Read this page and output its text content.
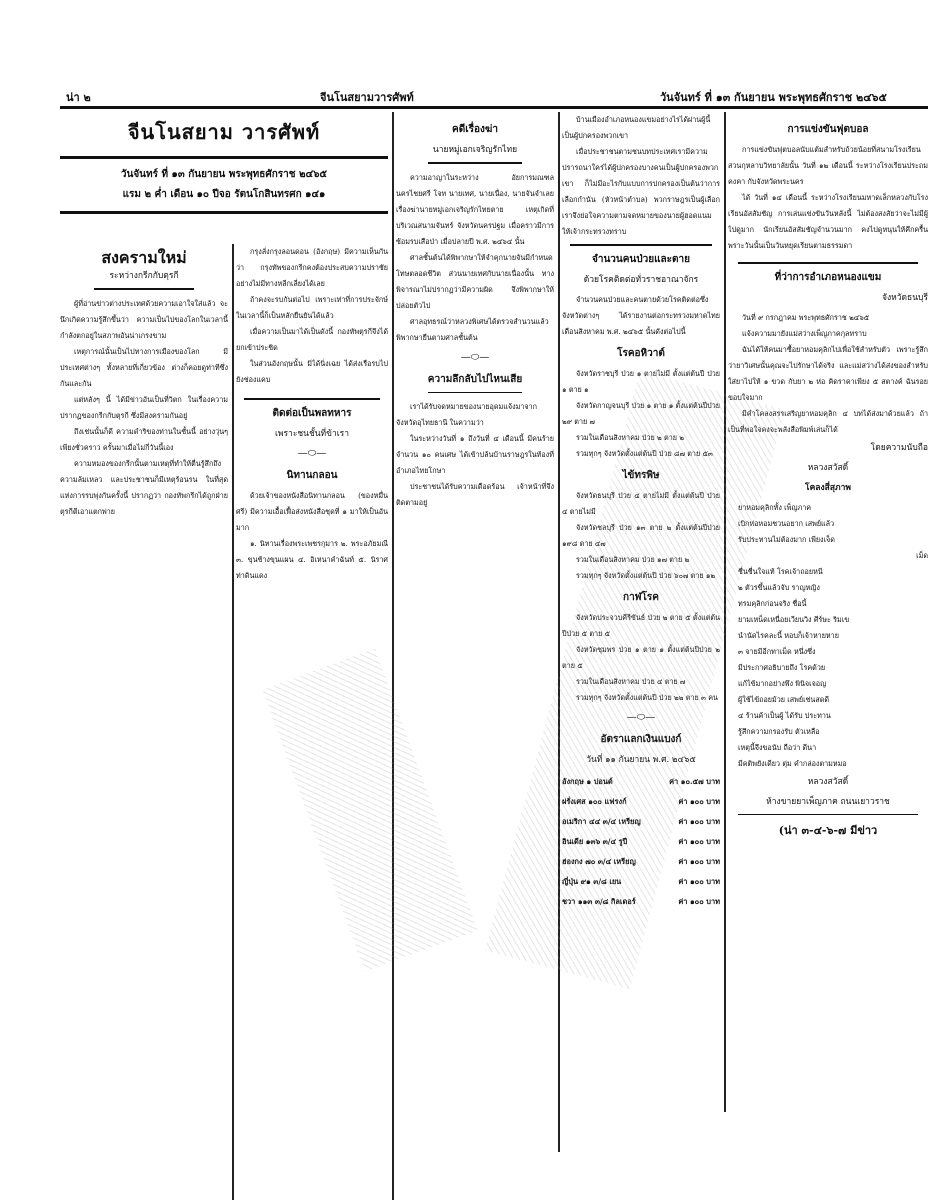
น่า ๒	จีนโนสยามวารศัพท์	วันจันทร์ ที่ ๑๓ กันยายน พระพุทธศักราช ๒๔๖๕
จีนโนสยาม วารศัพท์
วันจันทร์ ที่ ๑๓ กันยายน พระพุทธศักราช ๒๔๖๕
แรม ๒ ค่ำ เดือน ๑๐ ปีจอ รัตนโกสินทรศก ๑๔๑
สงครามใหม่
ระหว่างกรีกกับตุรกี

ผู้ที่อ่านข่าวต่างประเทศด้วยความเอาใจใส่แล้ว จะนึกเกิดความรู้สึกขึ้นว่า ความเป็นไปของโลกในเวลานี้ กำลังตกอยู่ในสภาพอันน่าเกรงขาม

เหตุการณ์นั้นเป็นไปทางการเมืองของโลก มีประเทศต่างๆ ทั้งหลายที่เกี่ยวข้อง ต่างก็คอยดูท่าทีซึ่งกันและกัน

แต่หลังๆ นี้ ได้มีข่าวอันเป็นที่วิตก ในเรื่องความปรากฏของกรีกกับตุรกี ซึ่งมีสงครามกันอยู่

ถึงเช่นนั้นก็ดี ความดำริของท่านในชั้นนี้ อย่างวุ่นๆ เพียงชั่วคราว ครั้นมาเมื่อไม่กี่วันนี้เอง

ความหมองของกรีกนั้นตามเหตุที่ทำให้ตื่นรู้สึกถึงความล้มเหลว และประชาชนก็มีเหตุร้อนรน ในที่สุดแห่งการรบพุ่งกันครั้งนี้ ปรากฏว่า กองทัพกรีกได้ถูกฝ่ายตุรกีตีเอาแตกพ่าย

กรุงลั่งกรุงลอนดอน (อังกฤษ) มีความเห็นกันว่า กรุงทัพของกรีกคงต้องประสบความปราชัยอย่างไม่มีทางหลีกเลี่ยงได้เลย

ถ้าคงจะรบกันต่อไป เพราะเท่าที่การประจักษ์ในเวลานี้ก็เป็นหลักยืนยันได้แล้ว

เมื่อความเป็นมาได้เป็นดังนี้ กองทัพตุรกีจึงได้ยกเข้าประชิด

ในส่วนอังกฤษนั้น มิได้นิ่งเฉย ได้ส่งเรือรบไปยังช่องแคบ

ติดต่อเป็นพลทหาร
เพราะชนชั้นที่ข้าเรา
—⬭—
นิทานกลอน

ด้วยเจ้าของหนังสือนิทานกลอน (ของหมื่นศรี) มีความเอื้อเฟื้อส่งหนังสือชุดที่ ๑ มาให้เป็นอันมาก

๑. นิทานเรื่องพระเพชรกุมาร ๒. พระอภัยมณี ๓. ขุนช้างขุนแผน ๔. อิเหนาคำฉันท์ ๕. นิราศท่าดินแดง

คดีเรื่องฆ่า
นายหมู่เอกเจริญรักไทย

ความอาญาในระหว่าง อัยการมณฑลนครไชยศรี โจท นายเทศ, นายเนื่อง, นายจันจำเลย เรื่องฆ่านายหมู่เอกเจริญรักไทยตาย เหตุเกิดที่บริเวณสนามจันทร์ จังหวัดนครปฐม เมื่อคราวมีการซ้อมรบเสือป่า เมื่อปลายปี พ.ศ. ๒๔๖๔ นั้น

ศาลชั้นต้นได้พิพากษาให้จำคุกนายจันมีกำหนดโทษตลอดชีวิต ส่วนนายเทศกับนายเนื่องนั้น ทางพิจารณาไม่ปรากฏว่ามีความผิด จึงพิพากษาให้ปล่อยตัวไป

ศาลอุทธรณ์ว่าหลวงพิเศษได้ตรวจสำนวนแล้วพิพากษายืนตามศาลชั้นต้น

—⬭—
ความลึกลับไปไหนเสีย

เราได้รับจดหมายของนายอุดมแจ้งมาจากจังหวัดอุไทยธานี ในความว่า

ในระหว่างวันที่ ๑ ถึงวันที่ ๔ เดือนนี้ มีคนร้ายจำนวน ๑๐ คนเศษ ได้เข้าปล้นบ้านราษฎรในท้องที่อำเภอไทยโกษา

ประชาชนได้รับความเดือดร้อน เจ้าหน้าที่จึงติดตามอยู่

บ้านเมืองอำเภอหนองแขมอย่างไรได้ผ่านผู้นี้ เป็นผู้ปกครองพวกเขา

เมื่อประชาชนตามชนบทประเทศเรามีความปรารถนาใคร่ได้ผู้ปกครองบางคนเป็นผู้ปกครองพวกเขา ก็ไม่มีอะไรกับแบบการปกครองเป็นต้นว่าการเลือกกำนัน (หัวหน้าตำบล) พวกราษฎรเป็นผู้เลือก เราจึงย่อใจความตามจดหมายของนายผู้ฮอดแนม ให้เจ้ากระทรวงทราบ

จำนวนคนป่วยและตาย
ด้วยโรคติดต่อทั่วราชอาณาจักร

จำนวนคนป่วยและคนตายด้วยโรคติดต่อซึ่งจังหวัดต่างๆ ได้รายงานต่อกระทรวงมหาดไทย เดือนสิงหาคม พ.ศ. ๒๔๖๕ นั้นดังต่อไปนี้

โรคอหิวาต์

จังหวัดราชบุรี ป่วย ๑ ตายไม่มี ตั้งแต่ต้นปี ป่วย ๑ ตาย ๑

จังหวัดกาญจนบุรี ป่วย ๑ ตาย ๑ ตั้งแต่ต้นปีป่วย ๒๙ ตาย ๗

รวมในเดือนสิงหาคม ป่วย ๒ ตาย ๒

รวมทุกๆ จังหวัดตั้งแต่ต้นปี ป่วย ๘๗ ตาย ๕๓

ไข้ทรพิษ

จังหวัดธนบุรี ป่วย ๔ ตายไม่มี ตั้งแต่ต้นปี ป่วย ๔ ตายไม่มี

จังหวัดชลบุรี ป่วย ๑๓ ตาย ๒ ตั้งแต่ต้นปีป่วย ๑๙๘ ตาย ๔๗

รวมในเดือนสิงหาคม ป่วย ๑๗ ตาย ๒

รวมทุกๆ จังหวัดตั้งแต่ต้นปี ป่วย ๖๐๗ ตาย ๑๒

กาฬโรค

จังหวัดประจวบคีรีขันธ์ ป่วย ๒ ตาย ๕ ตั้งแต่ต้นปีป่วย ๕ ตาย ๕

จังหวัดชุมพร ป่วย ๑ ตาย ๑ ตั้งแต่ต้นปีป่วย ๒ ตาย ๕

รวมในเดือนสิงหาคม ป่วย ๔ ตาย ๗

รวมทุกๆ จังหวัดตั้งแต่ต้นปี ป่วย ๒๒ ตาย ๓ คน

—⬭—
อัตราแลกเงินแบงก์
วันที่ ๑๑ กันยายน พ.ศ. ๒๔๖๕
อังกฤษ ๑ ปอนด์	ค่า ๑๐.๕๗ บาท
ฝรั่งเศส ๑๐๐ แฟรงก์	ค่า ๑๐๐ บาท
อเมริกา ๔๔ ๓/๔ เหรียญ	ค่า ๑๐๐ บาท
อินเดีย ๑๓๖ ๓/๔ รูปี	ค่า ๑๐๐ บาท
ฮ่องกง ๗๐ ๓/๔ เหรียญ	ค่า ๑๐๐ บาท
ญี่ปุ่น ๙๑ ๓/๘ เยน	ค่า ๑๐๐ บาท
ชวา ๑๑๓ ๓/๘ กิลเดอร์	ค่า ๑๐๐ บาท
การแข่งขันฟุตบอล

การแข่งขันฟุตบอลนับแต้มสำหรับถ้วยน้อยที่สนามโรงเรียนสวนกุหลาบวิทยาลัยนั้น วันที่ ๑๒ เดือนนี้ ระหว่างโรงเรียนประถมคงคา กับจังหวัดพระนคร

ได้ วันที่ ๑๔ เดือนนี้ ระหว่างโรงเรียนมหาดเล็กหลวงกับโรงเรียนอัสสัมชัญ การเล่นแข่งขันวันหลังนี้ ไม่ต้องสงสัยว่าจะไม่มีผู้ไปดูมาก นักเรียนอัสสัมชัญจำนวนมาก คงไปดูหนุนให้คึกครื้น พราะวันนั้นเป็นวันหยุดเรียนตามธรรมดา

ที่ว่าการอำเภอหนองแขม
จังหวัดธนบุรี

วันที่ ๙ กรกฎาคม พระพุทธศักราช ๒๔๖๕

แจ้งความมายังแม่สว่างเพ็ญภาคกุลทราบ

ฉันได้ให้คนมาซื้อยาหอมคุลิกไปเพื่อใช้สำหรับตัว เพราะรู้สึกว่ายาวิเศษนั้นคุณจะไปรักษาได้จริง และแม่สว่างได้ส่งของสำหรับใส่ยาไปให้ ๑ ขวด กับยา ๒ ห่อ คิดราคาเพียง ๕ สตางค์ ฉันรอยขอบใจมาก

มีคำโคลงสรรเสริญยาหอมคุลิก ๔ บทได้ส่งมาด้วยแล้ว ถ้าเป็นที่พอใจคงจะพลังสือพิมพ์เล่นก็ได้

โดยความนับถือ
หลวงสวัสดิ์
โคลงสี่สุภาพ
ยาหอมคุลิกทั้ง เพ็ญภาค
เบิกห่อหอมชวนอยาก เสพย์แล้ว
รับประทานไม่ต้องมาก เพียงเจ็ด
เม็ด
ชื่นชื่นใจแท้ โรคเจ้าถอยหนี
๒ ตัวรขึ้นแล้วจับ ราญหญิง
ทรมคุลิกก่อนจริง ชื่อนี้
ยามเหน็ดเหนื่อยเวียนวิง ศีร์ษะ ริมเข
นำนัดไรคละนี้ หอบก็เจ้าหายหาย
๓ จายมีอีกทาเม็ด หนึ่งซึ่ง
มีประกาศอธิบายถึง โรคด้วย
แก้ไข้มากอย่างพึง พินิจเจอญ
ผู้ใช้ไข้ถอยม้วย เสพย์เช่นสดดี
๔ ร้านค้าเป็นผู้ ได้รับ ประทาน
รู้สึกความกรองรับ ตัวเหลือ
เหตุนี้จึงขอนับ ถือว่า ดีนา
มีคติพยังเดียว ตุ่ม คำกล่องตามหมอ
หลวงสวัสดิ์
ห้างขายยาเพ็ญภาค ถนนเยาวราช
(น่า ๓-๔-๖-๗ มีข่าว
